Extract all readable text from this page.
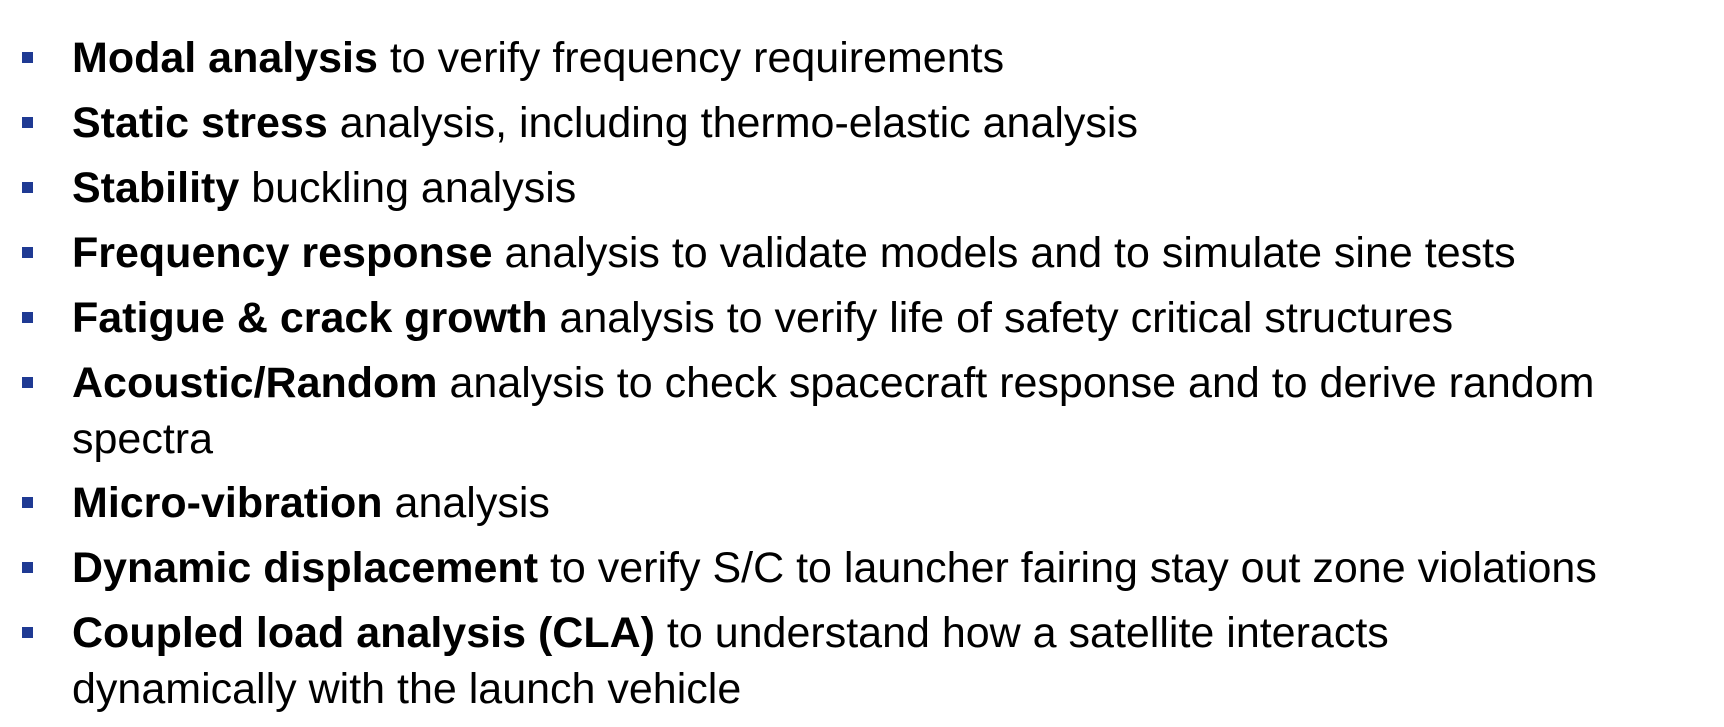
Modal analysis to verify frequency requirements
Static stress analysis, including thermo-elastic analysis
Stability buckling analysis
Frequency response analysis to validate models and to simulate sine tests
Fatigue & crack growth analysis to verify life of safety critical structures
Acoustic/Random analysis to check spacecraft response and to derive random
spectra
Micro-vibration analysis
Dynamic displacement to verify S/C to launcher fairing stay out zone violations
Coupled load analysis (CLA) to understand how a satellite interacts
dynamically with the launch vehicle
